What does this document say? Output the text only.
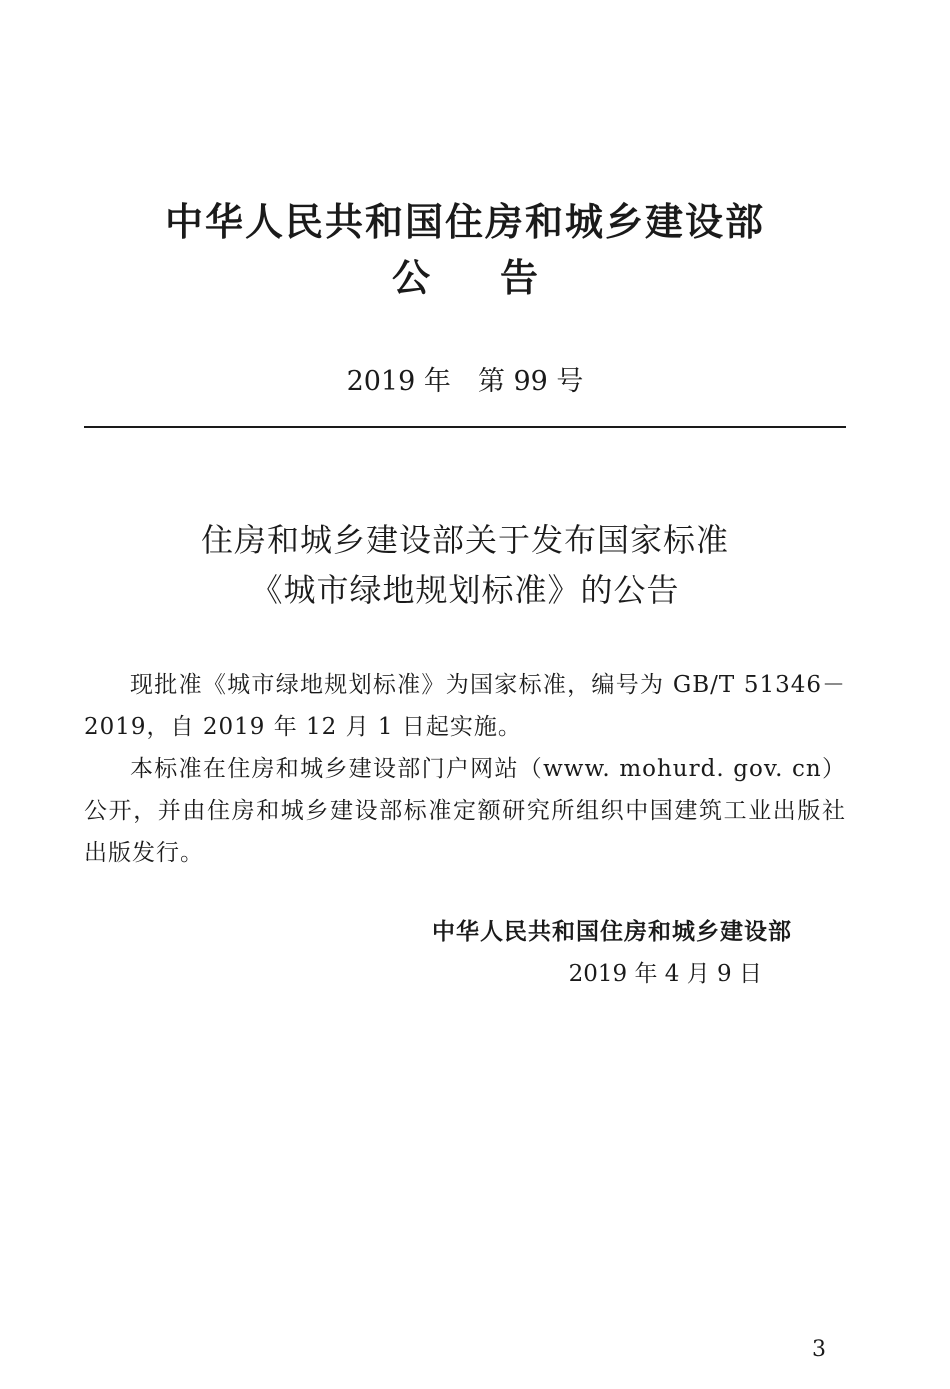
中华人民共和国住房和城乡建设部
公告
2019 年　第 99 号
住房和城乡建设部关于发布国家标准
《城市绿地规划标准》的公告

现批准《城市绿地规划标准》为国家标准，编号为 GB/T 51346－2019，自 2019 年 12 月 1 日起实施。

本标准在住房和城乡建设部门户网站（www. mohurd. gov. cn）公开，并由住房和城乡建设部标准定额研究所组织中国建筑工业出版社出版发行。

中华人民共和国住房和城乡建设部
2019 年 4 月 9 日
3
